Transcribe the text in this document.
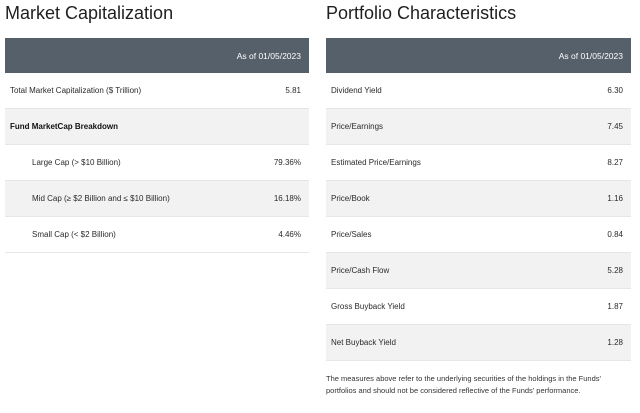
Market Capitalization
As of 01/05/2023
Total Market Capitalization ($ Trillion)	5.81
Fund MarketCap Breakdown
Large Cap (> $10 Billion)	79.36%
Mid Cap (≥ $2 Billion and ≤ $10 Billion)	16.18%
Small Cap (< $2 Billion)	4.46%
Portfolio Characteristics
As of 01/05/2023
Dividend Yield	6.30
Price/Earnings	7.45
Estimated Price/Earnings	8.27
Price/Book	1.16
Price/Sales	0.84
Price/Cash Flow	5.28
Gross Buyback Yield	1.87
Net Buyback Yield	1.28

The measures above refer to the underlying securities of the holdings in the Funds' portfolios and should not be considered reflective of the Funds' performance.
